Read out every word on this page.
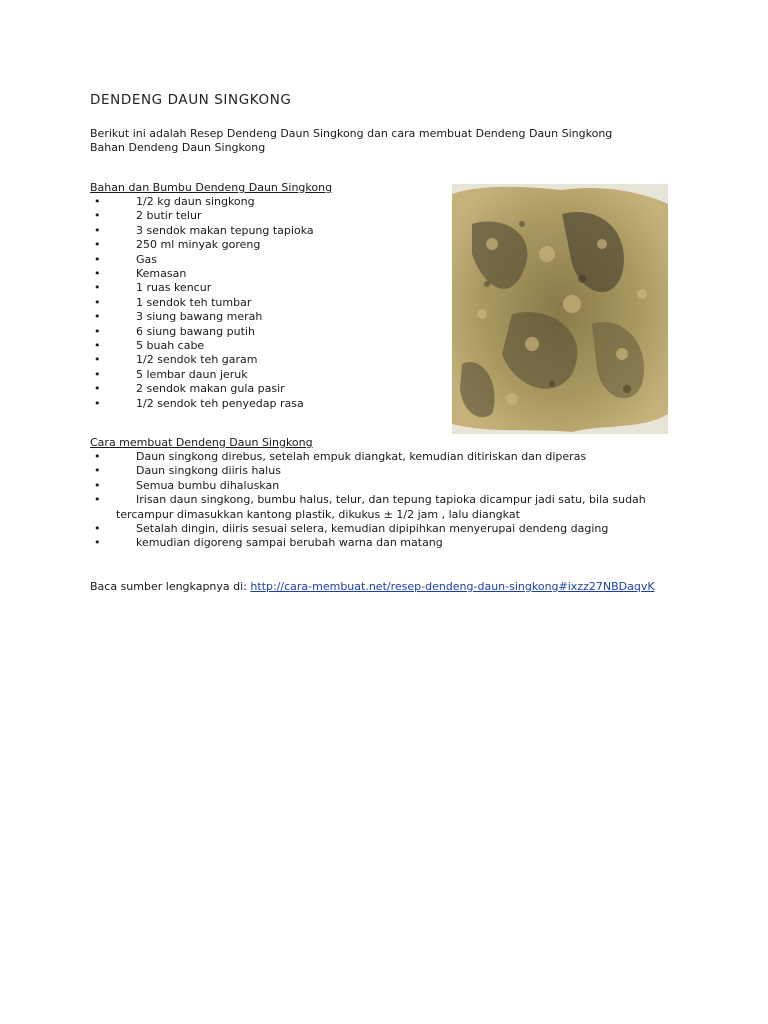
DENDENG DAUN SINGKONG
Berikut ini adalah Resep Dendeng Daun Singkong dan cara membuat Dendeng Daun Singkong
Bahan Dendeng Daun Singkong
Bahan dan Bumbu Dendeng Daun Singkong
•	1/2 kg daun singkong
•	2 butir telur
•	3 sendok makan tepung tapioka
•	250 ml minyak goreng
•	Gas
•	Kemasan
•	1 ruas kencur
•	1 sendok teh tumbar
•	3 siung bawang merah
•	6 siung bawang putih
•	5 buah cabe
•	1/2 sendok teh garam
•	5 lembar daun jeruk
•	2 sendok makan gula pasir
•	1/2 sendok teh penyedap rasa
Cara membuat Dendeng Daun Singkong
•	Daun singkong direbus, setelah empuk diangkat, kemudian ditiriskan dan diperas
•	Daun singkong diiris halus
•	Semua bumbu dihaluskan
•	Irisan daun singkong, bumbu halus, telur, dan tepung tapioka dicampur jadi satu, bila sudah
tercampur dimasukkan kantong plastik, dikukus ± 1/2 jam , lalu diangkat
•	Setalah dingin, diiris sesuai selera, kemudian dipipihkan menyerupai dendeng daging
•	kemudian digoreng sampai berubah warna dan matang
Baca sumber lengkapnya di: http://cara-membuat.net/resep-dendeng-daun-singkong#ixzz27NBDaqvK
